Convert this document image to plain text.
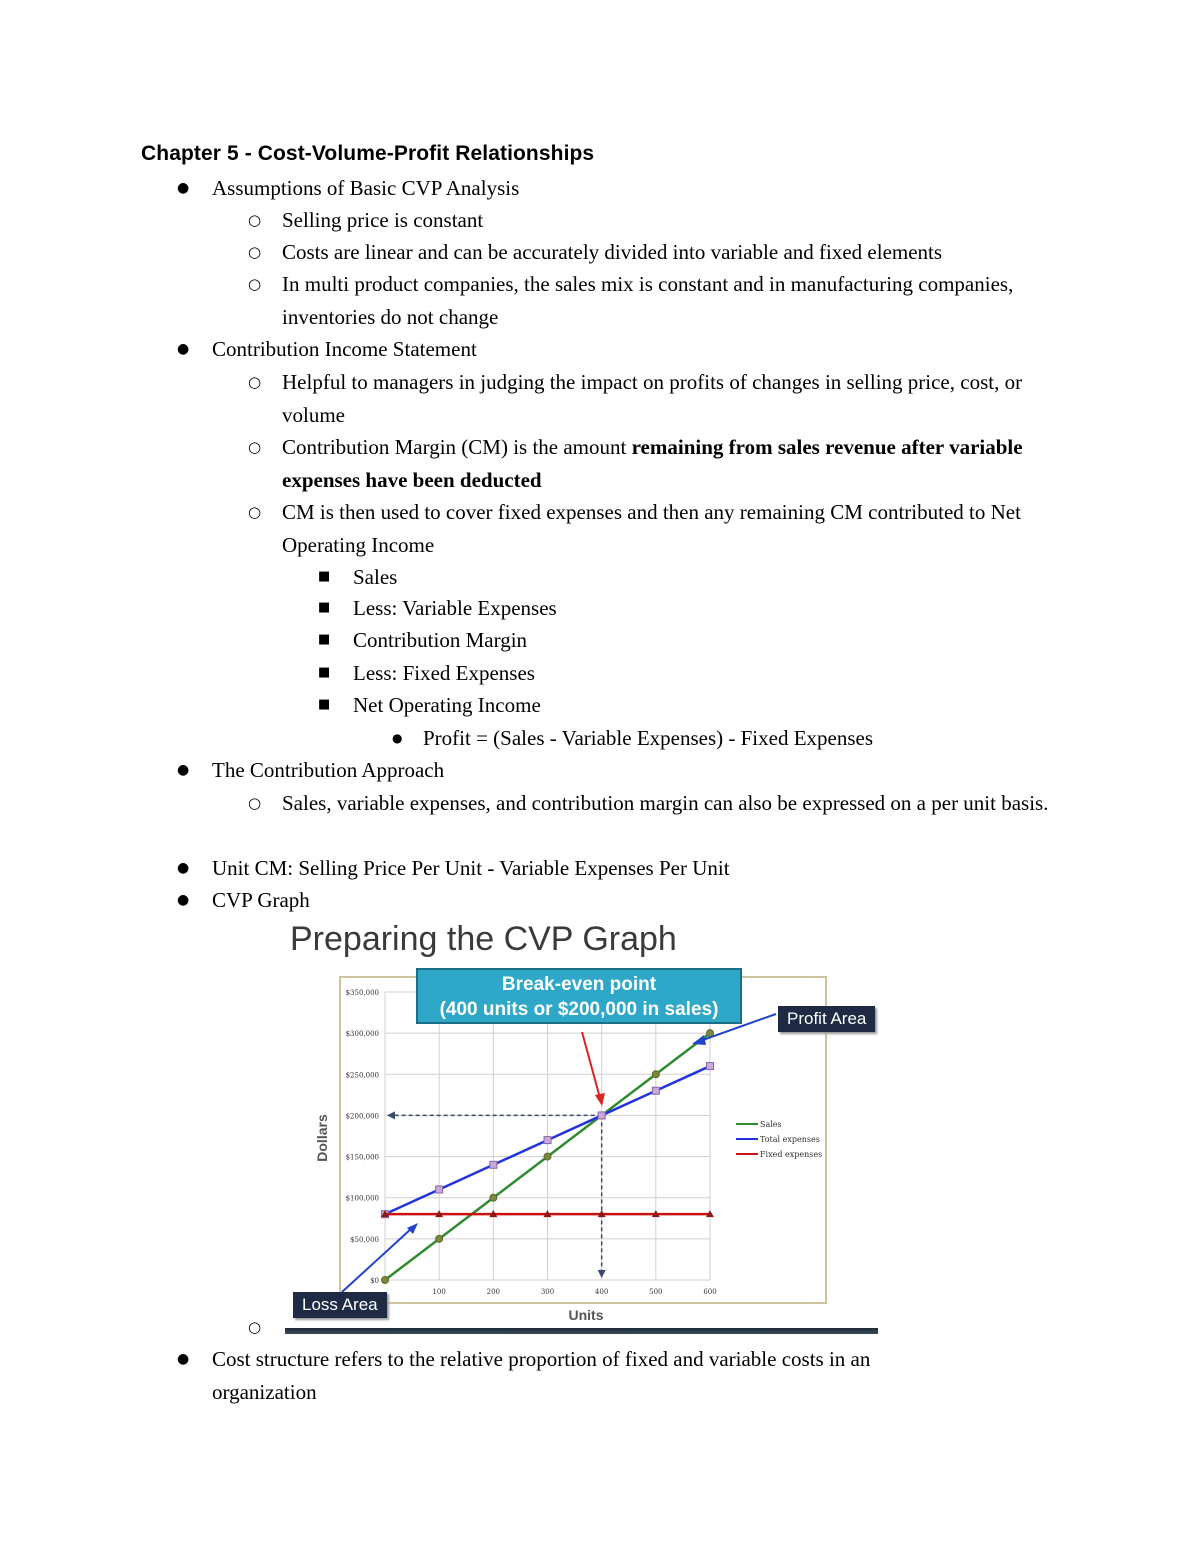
Chapter 5 - Cost-Volume-Profit Relationships
● Assumptions of Basic CVP Analysis
○ Selling price is constant
○ Costs are linear and can be accurately divided into variable and fixed elements
○ In multi product companies, the sales mix is constant and in manufacturing companies, inventories do not change
● Contribution Income Statement
○ Helpful to managers in judging the impact on profits of changes in selling price, cost, or volume
○ Contribution Margin (CM) is the amount remaining from sales revenue after variable expenses have been deducted
○ CM is then used to cover fixed expenses and then any remaining CM contributed to Net Operating Income
■ Sales
■ Less: Variable Expenses
■ Contribution Margin
■ Less: Fixed Expenses
■ Net Operating Income
● Profit = (Sales - Variable Expenses) - Fixed Expenses
● The Contribution Approach
○ Sales, variable expenses, and contribution margin can also be expressed on a per unit basis.
● Unit CM: Selling Price Per Unit - Variable Expenses Per Unit
● CVP Graph
Preparing the CVP Graph
$0
$50,000
$100,000
$150,000
$200,000
$250,000
$300,000
$350,000
100	200	300	400	500	600
Units
Dollars	Sales
Total expenses
Fixed expenses
Break-even point
(400 units or $200,000 in sales)	Profit Area
Loss Area
○
● Cost structure refers to the relative proportion of fixed and variable costs in an organization
